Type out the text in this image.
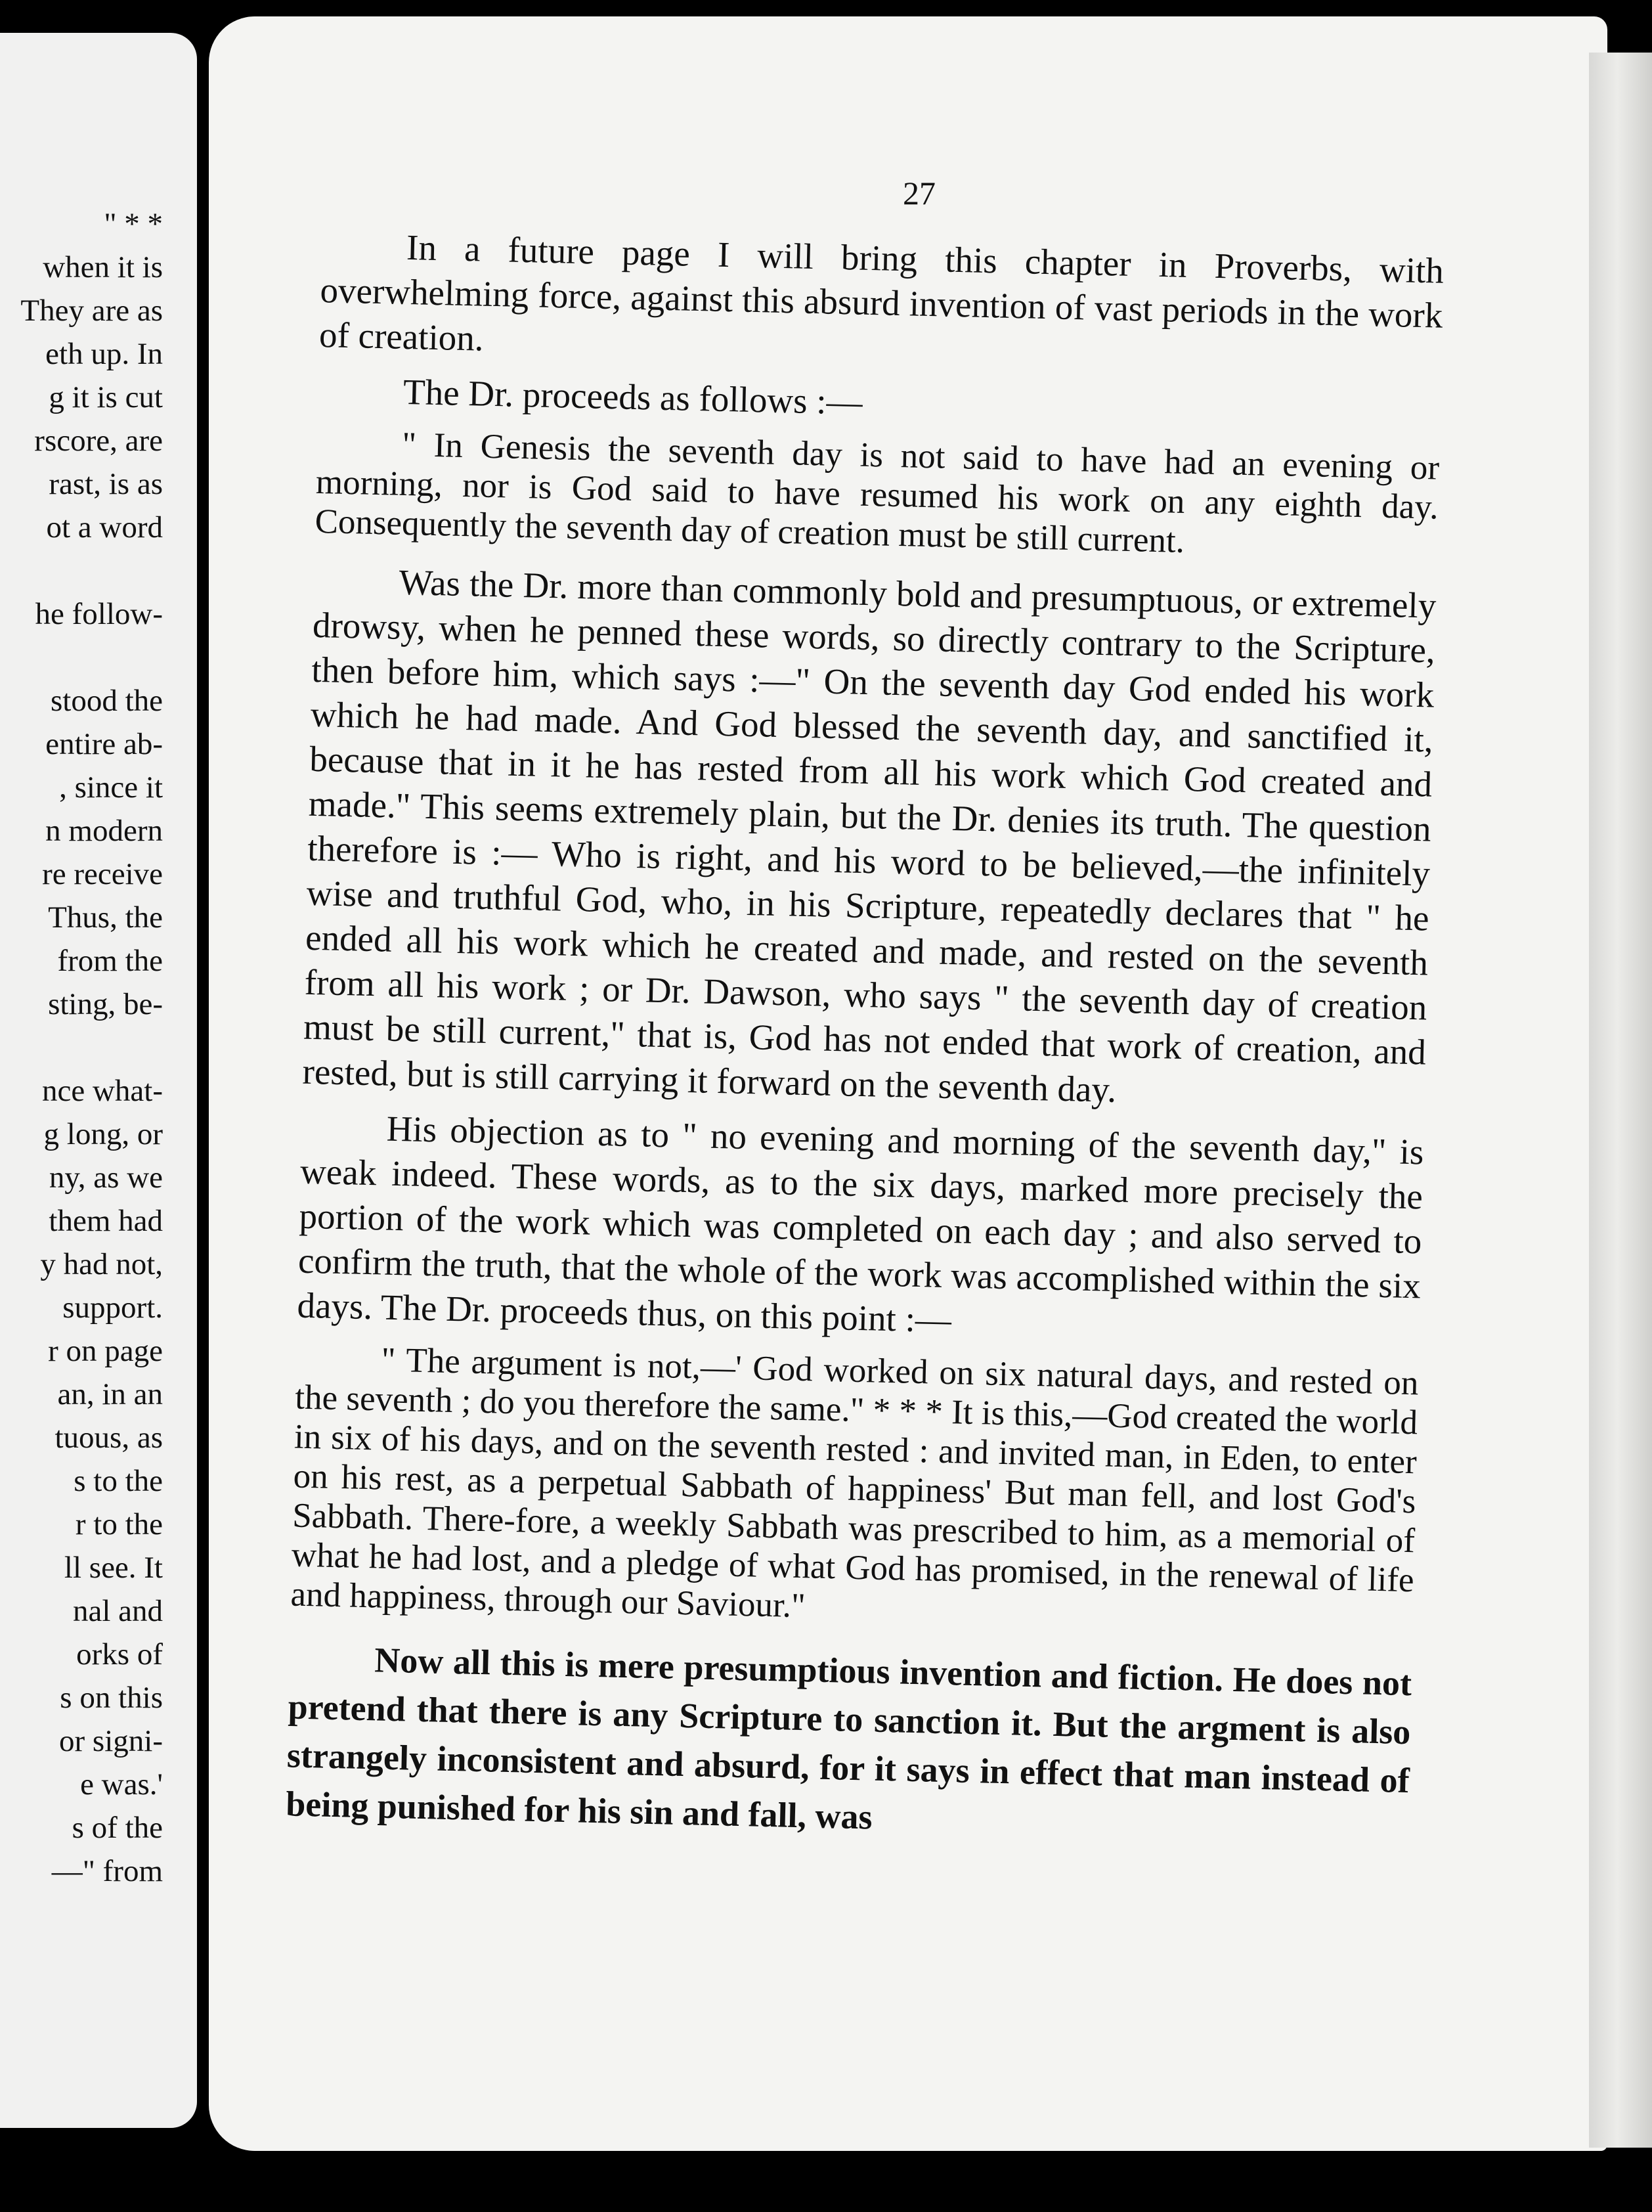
" * *
when it is
They are as
eth up. In
g it is cut
rscore, are
rast, is as
ot a word
he follow-
stood the
entire ab-
, since it
n modern
re receive
Thus, the
from the
sting, be-
nce what-
g long, or
ny, as we
them had
y had not,
support.
r on page
an, in an
tuous, as
s to the
r to the
ll see. It
nal and
orks of
s on this
or signi-
e was.'
s of the
—" from
27

In a future page I will bring this chapter in Proverbs, with overwhelming force, against this absurd invention of vast periods in the work of creation.

The Dr. proceeds as follows :—

" In Genesis the seventh day is not said to have had an evening or morning, nor is God said to have resumed his work on any eighth day. Consequently the seventh day of creation must be still current.

Was the Dr. more than commonly bold and presumptuous, or extremely drowsy, when he penned these words, so directly contrary to the Scripture, then before him, which says :—" On the seventh day God ended his work which he had made. And God blessed the seventh day, and sanctified it, because that in it he has rested from all his work which God created and made." This seems extremely plain, but the Dr. denies its truth. The question therefore is :— Who is right, and his word to be believed,—the infinitely wise and truthful God, who, in his Scripture, repeatedly declares that " he ended all his work which he created and made, and rested on the seventh from all his work ; or Dr. Dawson, who says " the seventh day of creation must be still current," that is, God has not ended that work of creation, and rested, but is still carrying it forward on the seventh day.

His objection as to " no evening and morning of the seventh day," is weak indeed. These words, as to the six days, marked more precisely the portion of the work which was completed on each day ; and also served to confirm the truth, that the whole of the work was accomplished within the six days. The Dr. proceeds thus, on this point :—

" The argument is not,—' God worked on six natural days, and rested on the seventh ; do you therefore the same." * * * It is this,—God created the world in six of his days, and on the seventh rested : and invited man, in Eden, to enter on his rest, as a perpetual Sabbath of happiness' But man fell, and lost God's Sabbath. There-fore, a weekly Sabbath was prescribed to him, as a memorial of what he had lost, and a pledge of what God has promised, in the renewal of life and happiness, through our Saviour."

Now all this is mere presumptious invention and fiction. He does not pretend that there is any Scripture to sanction it. But the argment is also strangely inconsistent and absurd, for it says in effect that man instead of being punished for his sin and fall, was
